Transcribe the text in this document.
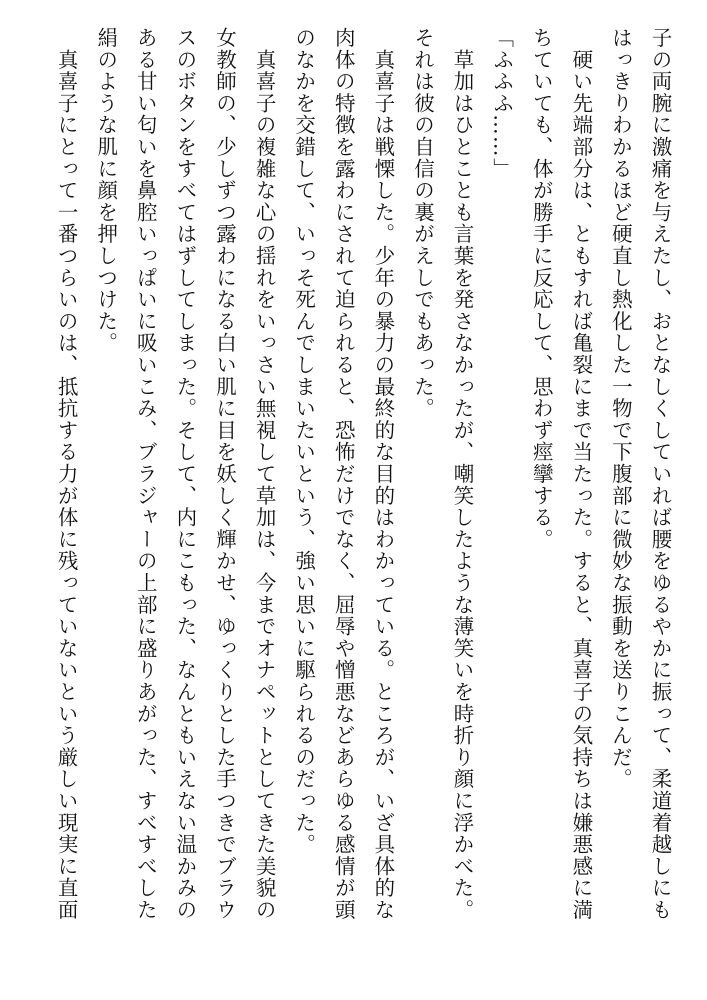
子の両腕に激痛を与えたし、おとなしくしていれば腰をゆるやかに振って、柔道着越しにも
はっきりわかるほど硬直し熱化した一物で下腹部に微妙な振動を送りこんだ。
　硬い先端部分は、ともすれば亀裂にまで当たった。すると、真喜子の気持ちは嫌悪感に満
ちていても、体が勝手に反応して、思わず痙攣する。
「ふふふ……」
　草加はひとことも言葉を発さなかったが、嘲笑したような薄笑いを時折り顔に浮かべた。
それは彼の自信の裏がえしでもあった。
　真喜子は戦慄した。少年の暴力の最終的な目的はわかっている。ところが、いざ具体的な
肉体の特徴を露わにされて迫られると、恐怖だけでなく、屈辱や憎悪などあらゆる感情が頭
のなかを交錯して、いっそ死んでしまいたいという、強い思いに駆られるのだった。
　真喜子の複雑な心の揺れをいっさい無視して草加は、今までオナペットとしてきた美貌の
女教師の、少しずつ露わになる白い肌に目を妖しく輝かせ、ゆっくりとした手つきでブラウ
スのボタンをすべてはずしてしまった。そして、内にこもった、なんともいえない温かみの
ある甘い匂いを鼻腔いっぱいに吸いこみ、ブラジャーの上部に盛りあがった、すべすべした
絹のような肌に顔を押しつけた。
　真喜子にとって一番つらいのは、抵抗する力が体に残っていないという厳しい現実に直面
